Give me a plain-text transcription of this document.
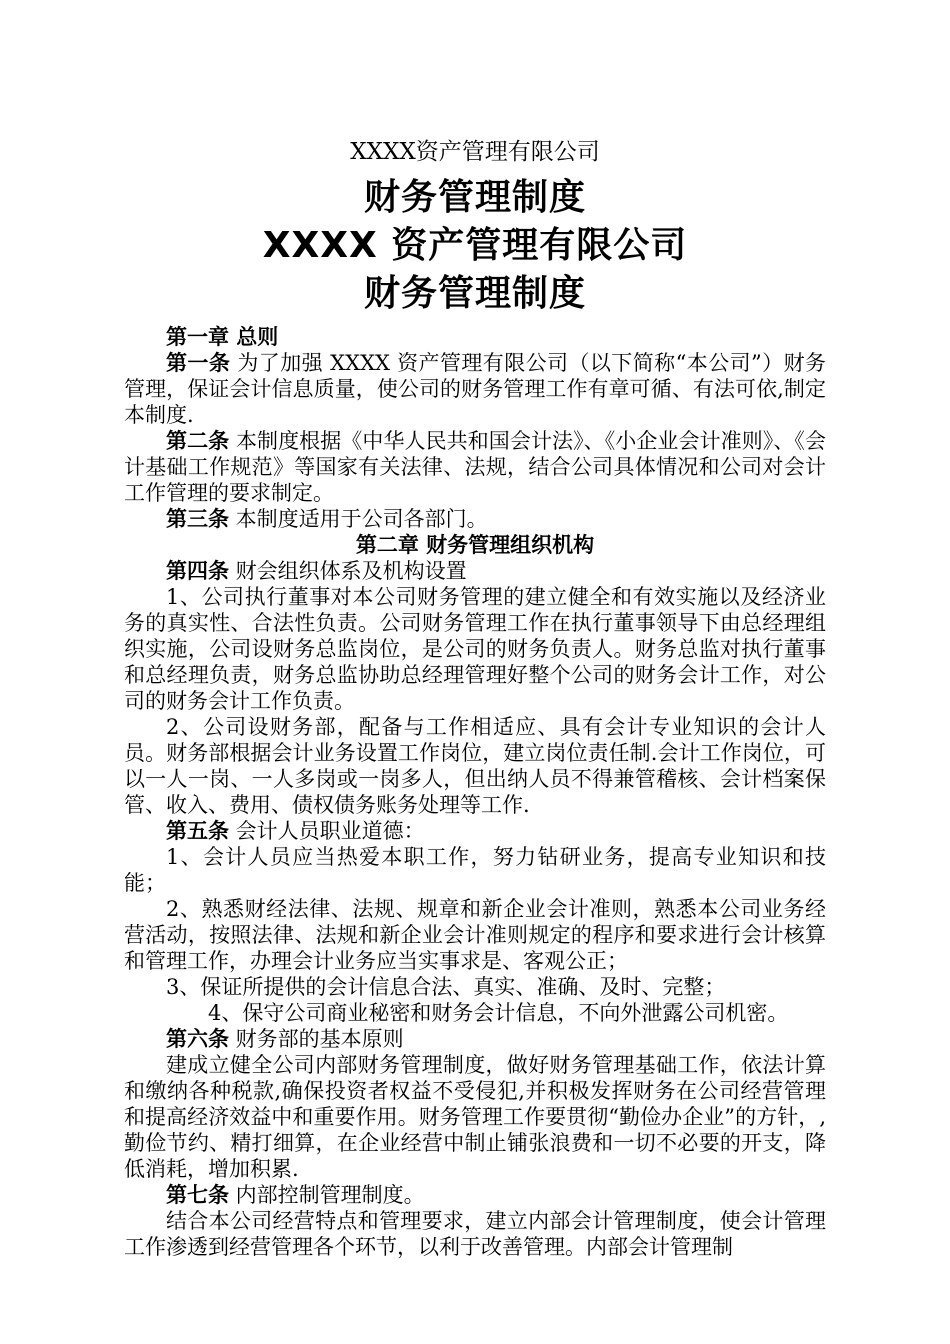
XXXX资产管理有限公司
财务管理制度
XXXX 资产管理有限公司
财务管理制度

第一章 总则

第一条 为了加强 XXXX 资产管理有限公司（以下简称“本公司”）财务管理，保证会计信息质量，使公司的财务管理工作有章可循、有法可依,制定本制度.

第二条 本制度根据《中华人民共和国会计法》、《小企业会计准则》、《会计基础工作规范》等国家有关法律、法规，结合公司具体情况和公司对会计工作管理的要求制定。

第三条 本制度适用于公司各部门。

第二章 财务管理组织机构

第四条 财会组织体系及机构设置

1、公司执行董事对本公司财务管理的建立健全和有效实施以及经济业务的真实性、合法性负责。公司财务管理工作在执行董事领导下由总经理组织实施，公司设财务总监岗位，是公司的财务负责人。财务总监对执行董事和总经理负责，财务总监协助总经理管理好整个公司的财务会计工作，对公司的财务会计工作负责。

2、公司设财务部，配备与工作相适应、具有会计专业知识的会计人员。财务部根据会计业务设置工作岗位，建立岗位责任制.会计工作岗位，可以一人一岗、一人多岗或一岗多人，但出纳人员不得兼管稽核、会计档案保管、收入、费用、债权债务账务处理等工作.

第五条 会计人员职业道德：

1、会计人员应当热爱本职工作，努力钻研业务，提高专业知识和技能；

2、熟悉财经法律、法规、规章和新企业会计准则，熟悉本公司业务经营活动，按照法律、法规和新企业会计准则规定的程序和要求进行会计核算和管理工作，办理会计业务应当实事求是、客观公正；

3、保证所提供的会计信息合法、真实、准确、及时、完整；

4、保守公司商业秘密和财务会计信息，不向外泄露公司机密。

第六条 财务部的基本原则

建成立健全公司内部财务管理制度，做好财务管理基础工作，依法计算和缴纳各种税款,确保投资者权益不受侵犯,并积极发挥财务在公司经营管理和提高经济效益中和重要作用。财务管理工作要贯彻“勤俭办企业”的方针，,勤俭节约、精打细算，在企业经营中制止铺张浪费和一切不必要的开支，降低消耗，增加积累.

第七条 内部控制管理制度。

结合本公司经营特点和管理要求，建立内部会计管理制度，使会计管理工作渗透到经营管理各个环节，以利于改善管理。内部会计管理制
